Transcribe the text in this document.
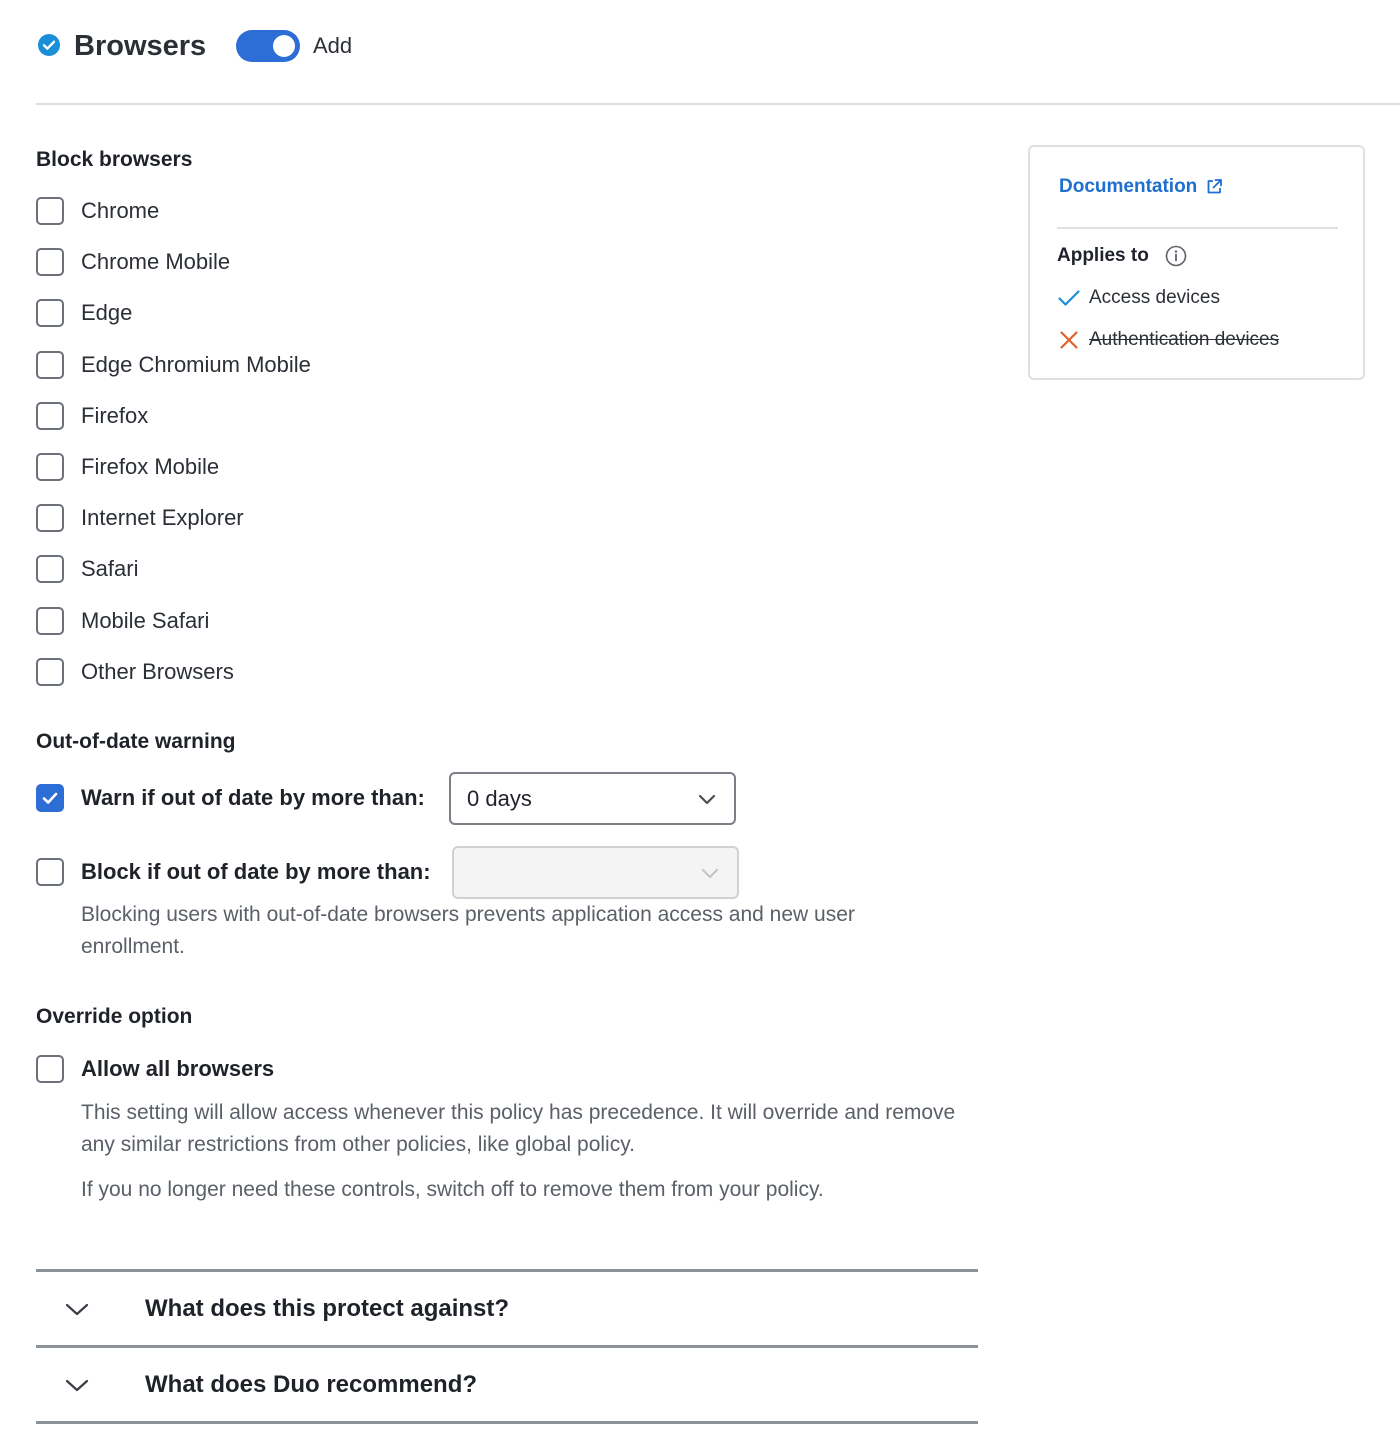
Browsers	Add
Block browsers
Chrome
Chrome Mobile
Edge
Edge Chromium Mobile
Firefox
Firefox Mobile
Internet Explorer
Safari
Mobile Safari
Other Browsers
Out-of-date warning
Warn if out of date by more than: 0 days
Block if out of date by more than:
Blocking users with out-of-date browsers prevents application access and new user enrollment.
Override option
Allow all browsers
This setting will allow access whenever this policy has precedence. It will override and remove any similar restrictions from other policies, like global policy.
If you no longer need these controls, switch off to remove them from your policy.
What does this protect against?
What does Duo recommend?
Documentation
Applies to
Access devices
Authentication devices
